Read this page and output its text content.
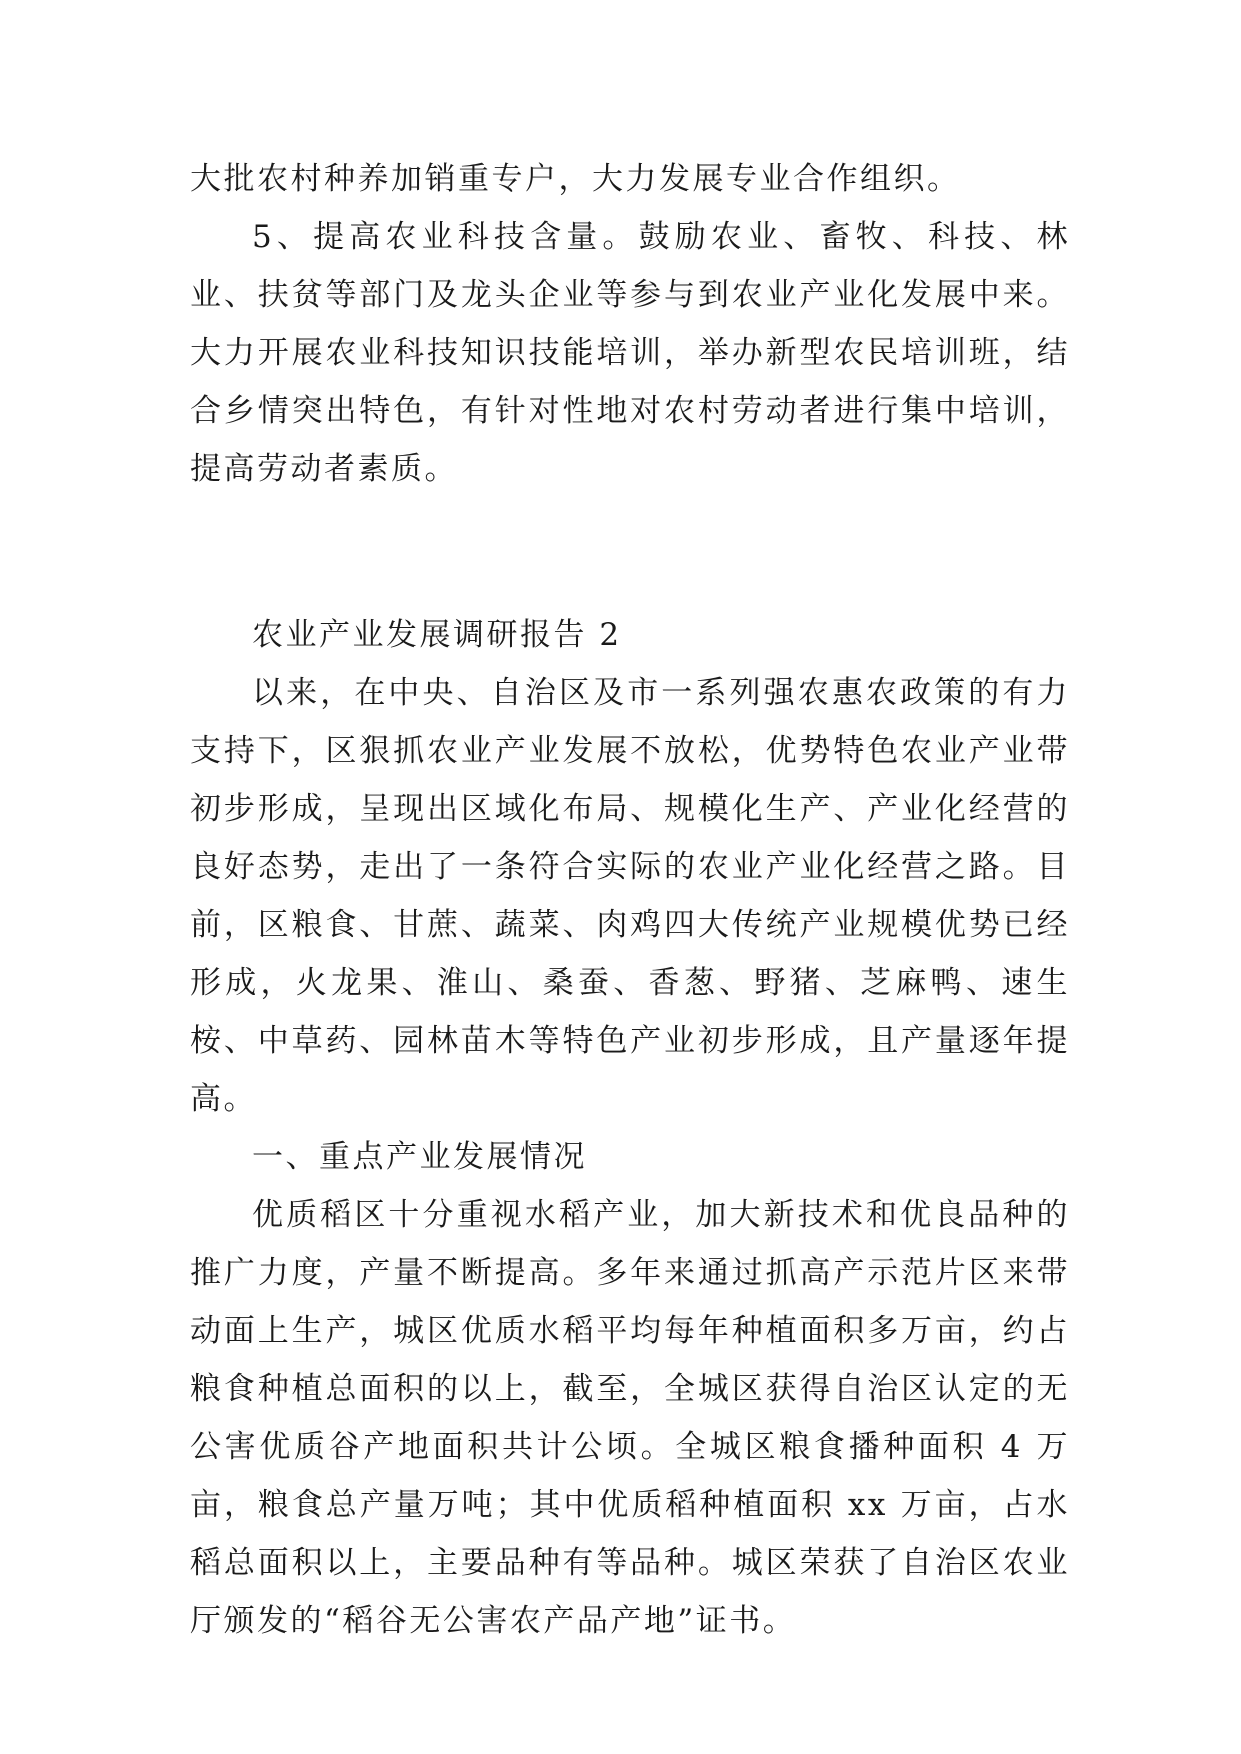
大批农村种养加销重专户，大力发展专业合作组织。

5、提高农业科技含量。鼓励农业、畜牧、科技、林业、扶贫等部门及龙头企业等参与到农业产业化发展中来。大力开展农业科技知识技能培训，举办新型农民培训班，结合乡情突出特色，有针对性地对农村劳动者进行集中培训，提高劳动者素质。

农业产业发展调研报告 2

以来，在中央、自治区及市一系列强农惠农政策的有力支持下，区狠抓农业产业发展不放松，优势特色农业产业带初步形成，呈现出区域化布局、规模化生产、产业化经营的良好态势，走出了一条符合实际的农业产业化经营之路。目前，区粮食、甘蔗、蔬菜、肉鸡四大传统产业规模优势已经形成，火龙果、淮山、桑蚕、香葱、野猪、芝麻鸭、速生桉、中草药、园林苗木等特色产业初步形成，且产量逐年提高。

一、重点产业发展情况

优质稻区十分重视水稻产业，加大新技术和优良品种的推广力度，产量不断提高。多年来通过抓高产示范片区来带动面上生产，城区优质水稻平均每年种植面积多万亩，约占粮食种植总面积的以上，截至，全城区获得自治区认定的无公害优质谷产地面积共计公顷。全城区粮食播种面积 4 万亩，粮食总产量万吨；其中优质稻种植面积 xx 万亩，占水稻总面积以上，主要品种有等品种。城区荣获了自治区农业厅颁发的“稻谷无公害农产品产地”证书。
